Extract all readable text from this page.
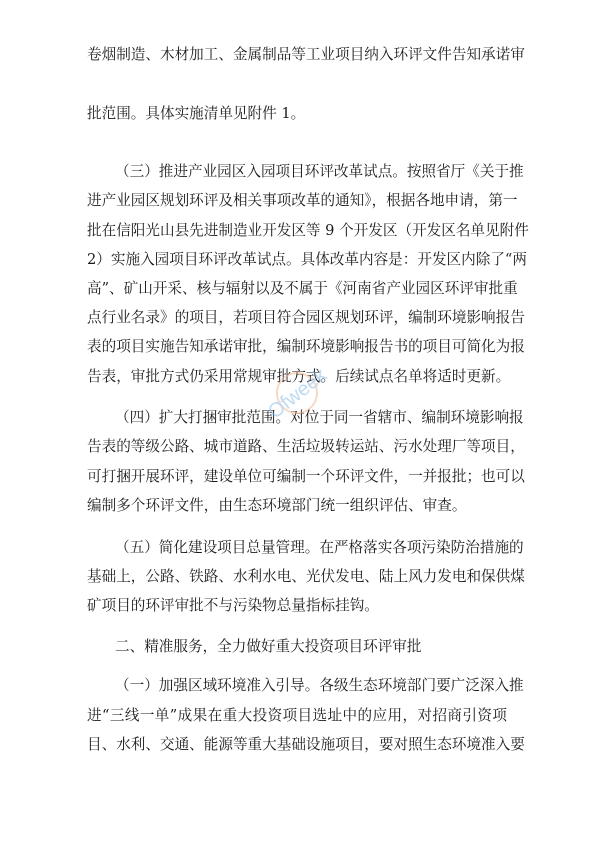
卷烟制造、木材加工、金属制品等工业项目纳入环评文件告知承诺审
批范围。具体实施清单见附件 1。
（三）推进产业园区入园项目环评改革试点。按照省厅《关于推
进产业园区规划环评及相关事项改革的通知》，根据各地申请，第一
批在信阳光山县先进制造业开发区等 9 个开发区（开发区名单见附件
2）实施入园项目环评改革试点。具体改革内容是：开发区内除了“两
高”、矿山开采、核与辐射以及不属于《河南省产业园区环评审批重
点行业名录》的项目，若项目符合园区规划环评，编制环境影响报告
表的项目实施告知承诺审批，编制环境影响报告书的项目可简化为报
告表，审批方式仍采用常规审批方式。后续试点名单将适时更新。
（四）扩大打捆审批范围。对位于同一省辖市、编制环境影响报
告表的等级公路、城市道路、生活垃圾转运站、污水处理厂等项目，
可打捆开展环评，建设单位可编制一个环评文件，一并报批；也可以
编制多个环评文件，由生态环境部门统一组织评估、审查。
（五）简化建设项目总量管理。在严格落实各项污染防治措施的
基础上，公路、铁路、水利水电、光伏发电、陆上风力发电和保供煤
矿项目的环评审批不与污染物总量指标挂钩。
二、精准服务，全力做好重大投资项目环评审批
（一）加强区域环境准入引导。各级生态环境部门要广泛深入推
进“三线一单”成果在重大投资项目选址中的应用，对招商引资项
目、水利、交通、能源等重大基础设施项目，要对照生态环境准入要
Ofweek
